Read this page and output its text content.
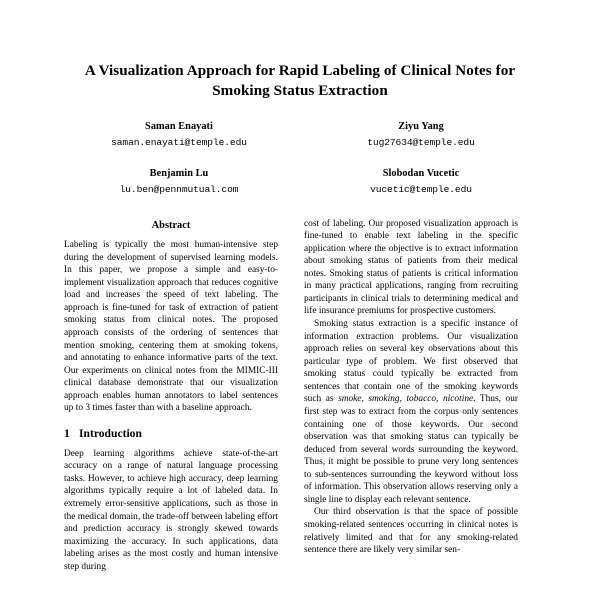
A Visualization Approach for Rapid Labeling of Clinical Notes for
Smoking Status Extraction
Saman Enayati
saman.enayati@temple.edu
Ziyu Yang
tug27634@temple.edu
Benjamin Lu
lu.ben@pennmutual.com
Slobodan Vucetic
vucetic@temple.edu
Abstract

Labeling is typically the most human-intensive step during the development of supervised learning models. In this paper, we propose a simple and easy-to-implement visualization approach that reduces cognitive load and increases the speed of text labeling. The approach is fine-tuned for task of extraction of patient smoking status from clinical notes. The proposed approach consists of the ordering of sentences that mention smoking, centering them at smoking tokens, and annotating to enhance informative parts of the text. Our experiments on clinical notes from the MIMIC-III clinical database demonstrate that our visualization approach enables human annotators to label sentences up to 3 times faster than with a baseline approach.

1 Introduction

Deep learning algorithms achieve state-of-the-art accuracy on a range of natural language processing tasks. However, to achieve high accuracy, deep learning algorithms typically require a lot of labeled data. In extremely error-sensitive applications, such as those in the medical domain, the trade-off between labeling effort and prediction accuracy is strongly skewed towards maximizing the accuracy. In such applications, data labeling arises as the most costly and human intensive step during

cost of labeling. Our proposed visualization approach is fine-tuned to enable text labeling in the specific application where the objective is to extract information about smoking status of patients from their medical notes. Smoking status of patients is critical information in many practical applications, ranging from recruiting participants in clinical trials to determining medical and life insurance premiums for prospective customers.

Smoking status extraction is a specific instance of information extraction problems. Our visualization approach relies on several key observations about this particular type of problem. We first observed that smoking status could typically be extracted from sentences that contain one of the smoking keywords such as smoke, smoking, tobacco, nicotine. Thus, our first step was to extract from the corpus only sentences containing one of those keywords. Our second observation was that smoking status can typically be deduced from several words surrounding the keyword. Thus, it might be possible to prune very long sentences to sub-sentences surrounding the keyword without loss of information. This observation allows reserving only a single line to display each relevant sentence.

Our third observation is that the space of possible smoking-related sentences occurring in clinical notes is relatively limited and that for any smoking-related sentence there are likely very similar sen-
